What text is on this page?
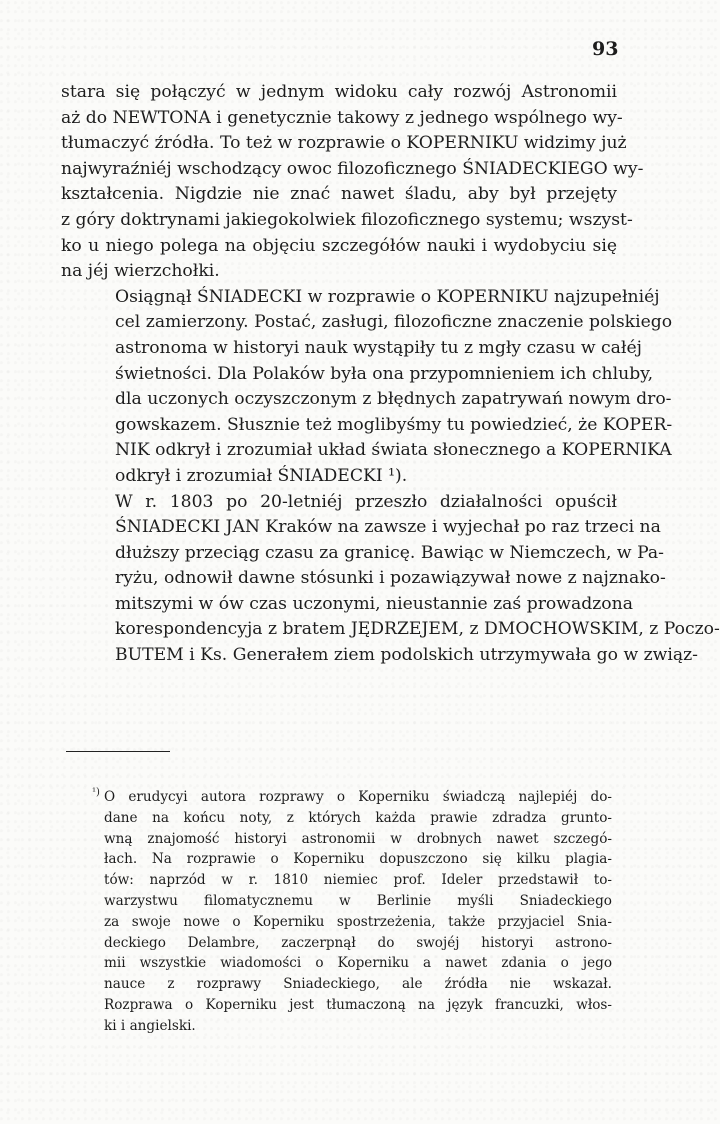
93

stara się połączyć w jednym widoku cały rozwój Astronomii
aż do NEWTONA i genetycznie takowy z jednego wspólnego wy-
tłumaczyć źródła. To też w rozprawie o KOPERNIKU widzimy już
najwyraźniéj wschodzący owoc filozoficznego ŚNIADECKIEGO wy-
kształcenia. Nigdzie nie znać nawet śladu, aby był przejęty
z góry doktrynami jakiegokolwiek filozoficznego systemu; wszyst-
ko u niego polega na objęciu szczegółów nauki i wydobyciu się
na jéj wierzchołki.

Osiągnął ŚNIADECKI w rozprawie o KOPERNIKU najzupełniéj
cel zamierzony. Postać, zasługi, filozoficzne znaczenie polskiego
astronoma w historyi nauk wystąpiły tu z mgły czasu w całéj
świetności. Dla Polaków była ona przypomnieniem ich chluby,
dla uczonych oczyszczonym z błędnych zapatrywań nowym dro-
gowskazem. Słusznie też moglibyśmy tu powiedzieć, że KOPER-
NIK odkrył i zrozumiał układ świata słonecznego a KOPERNIKA
odkrył i zrozumiał ŚNIADECKI ¹).

W r. 1803 po 20-letniéj przeszło działalności opuścił
ŚNIADECKI JAN Kraków na zawsze i wyjechał po raz trzeci na
dłuższy przeciąg czasu za granicę. Bawiąc w Niemczech, w Pa-
ryżu, odnowił dawne stósunki i pozawiązywał nowe z najznako-
mitszymi w ów czas uczonymi, nieustannie zaś prowadzona
korespondencyja z bratem JĘDRZEJEM, z DMOCHOWSKIM, z Poczo-
BUTEM i Ks. Generałem ziem podolskich utrzymywała go w związ-

¹) O erudycyi autora rozprawy o Koperniku świadczą najlepiéj do-
dane na końcu noty, z których każda prawie zdradza grunto-
wną znajomość historyi astronomii w drobnych nawet szczegó-
łach. Na rozprawie o Koperniku dopuszczono się kilku plagia-
tów: naprzód w r. 1810 niemiec prof. Ideler przedstawił to-
warzystwu filomatycznemu w Berlinie myśli Sniadeckiego
za swoje nowe o Koperniku spostrzeżenia, także przyjaciel Snia-
deckiego Delambre, zaczerpnął do swojéj historyi astrono-
mii wszystkie wiadomości o Koperniku a nawet zdania o jego
nauce z rozprawy Sniadeckiego, ale źródła nie wskazał.
Rozprawa o Koperniku jest tłumaczoną na język francuzki, włos-
ki i angielski.
